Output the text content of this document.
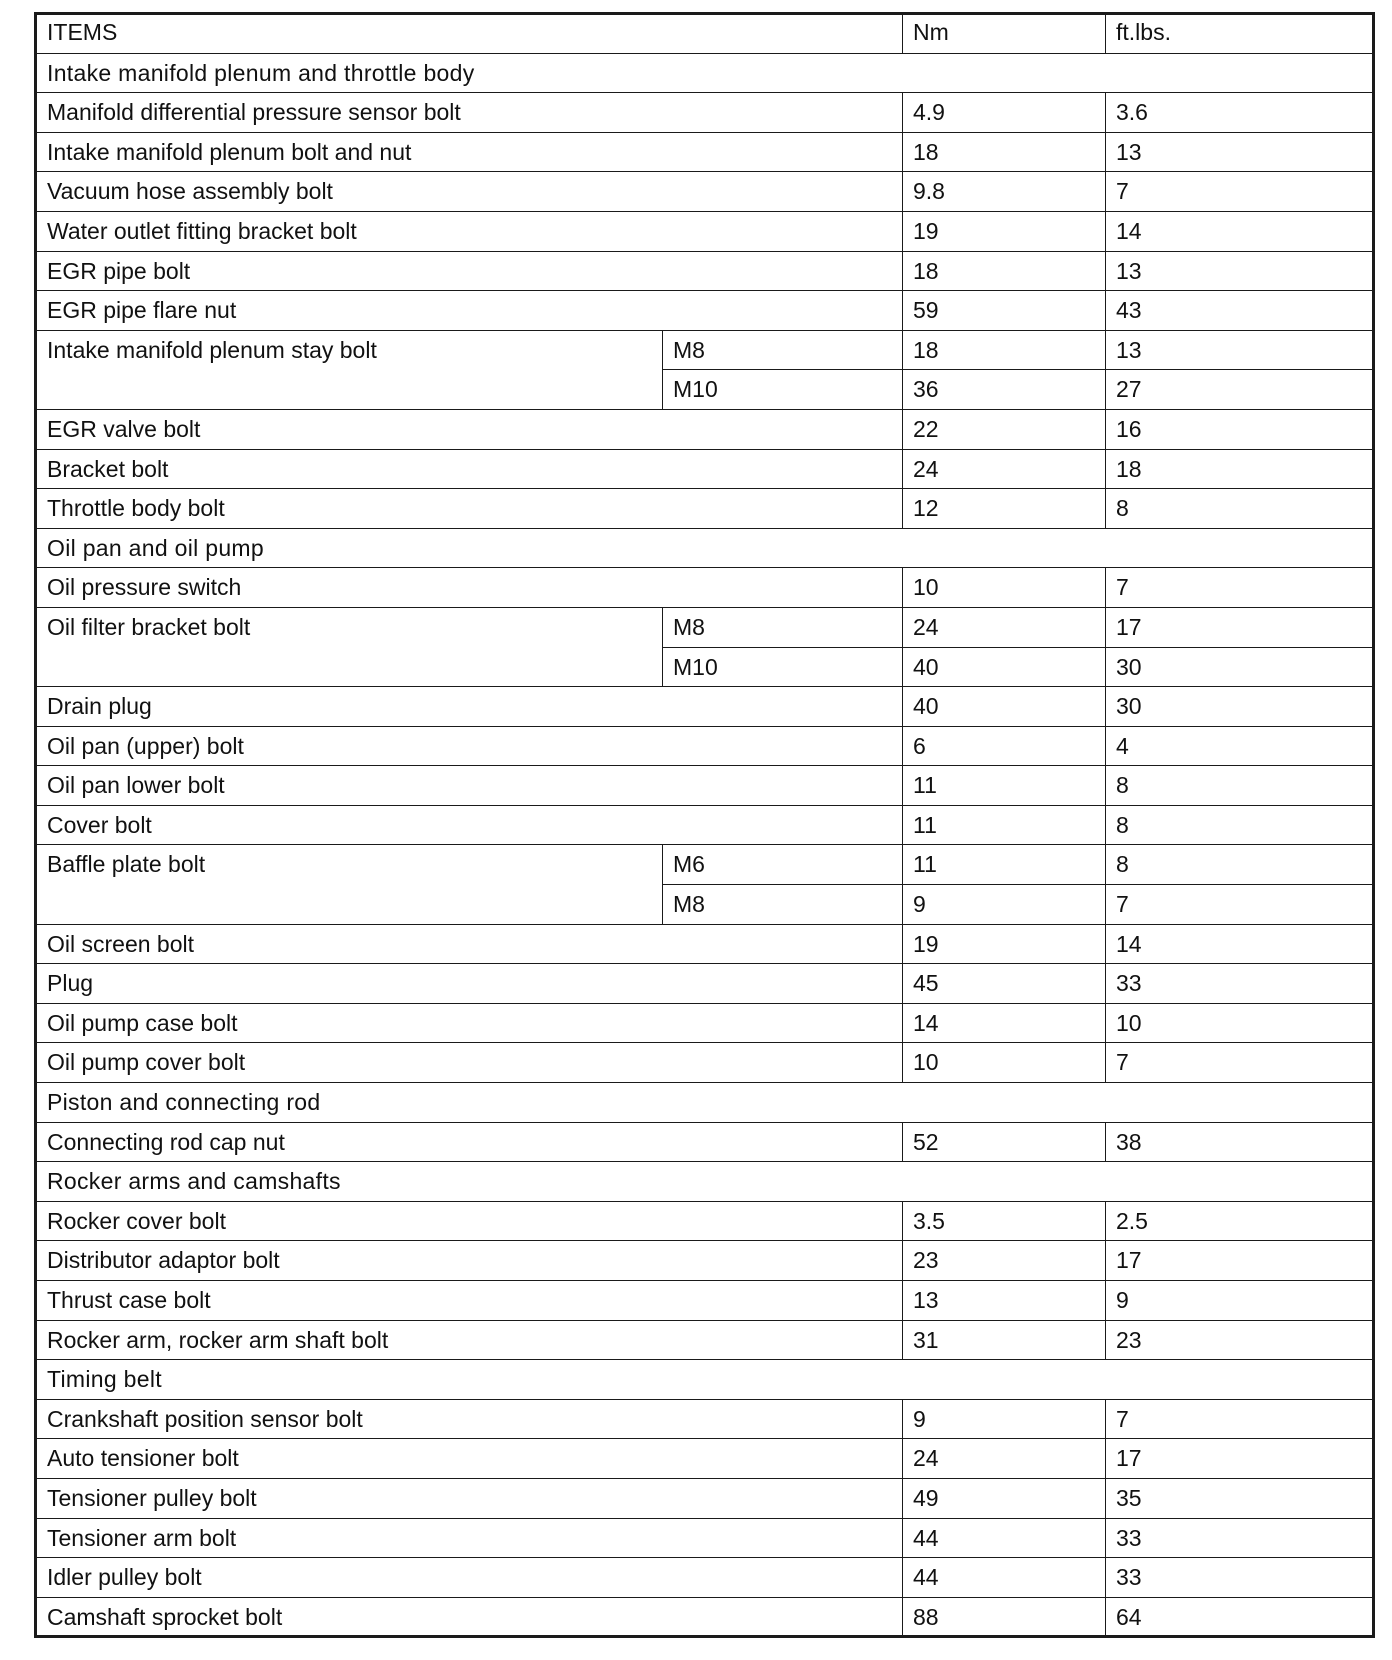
ITEMS		Nm	ft.lbs.
Intake manifold plenum and throttle body			
Manifold differential pressure sensor bolt		4.9	3.6
Intake manifold plenum bolt and nut		18	13
Vacuum hose assembly bolt		9.8	7
Water outlet fitting bracket bolt		19	14
EGR pipe bolt		18	13
EGR pipe flare nut		59	43
Intake manifold plenum stay bolt	M8	18	13
	M10	36	27
EGR valve bolt		22	16
Bracket bolt		24	18
Throttle body bolt		12	8
Oil pan and oil pump			
Oil pressure switch		10	7
Oil filter bracket bolt	M8	24	17
	M10	40	30
Drain plug		40	30
Oil pan (upper) bolt		6	4
Oil pan lower bolt		11	8
Cover bolt		11	8
Baffle plate bolt	M6	11	8
	M8	9	7
Oil screen bolt		19	14
Plug		45	33
Oil pump case bolt		14	10
Oil pump cover bolt		10	7
Piston and connecting rod			
Connecting rod cap nut		52	38
Rocker arms and camshafts			
Rocker cover bolt		3.5	2.5
Distributor adaptor bolt		23	17
Thrust case bolt		13	9
Rocker arm, rocker arm shaft bolt		31	23
Timing belt			
Crankshaft position sensor bolt		9	7
Auto tensioner bolt		24	17
Tensioner pulley bolt		49	35
Tensioner arm bolt		44	33
Idler pulley bolt		44	33
Camshaft sprocket bolt		88	64
